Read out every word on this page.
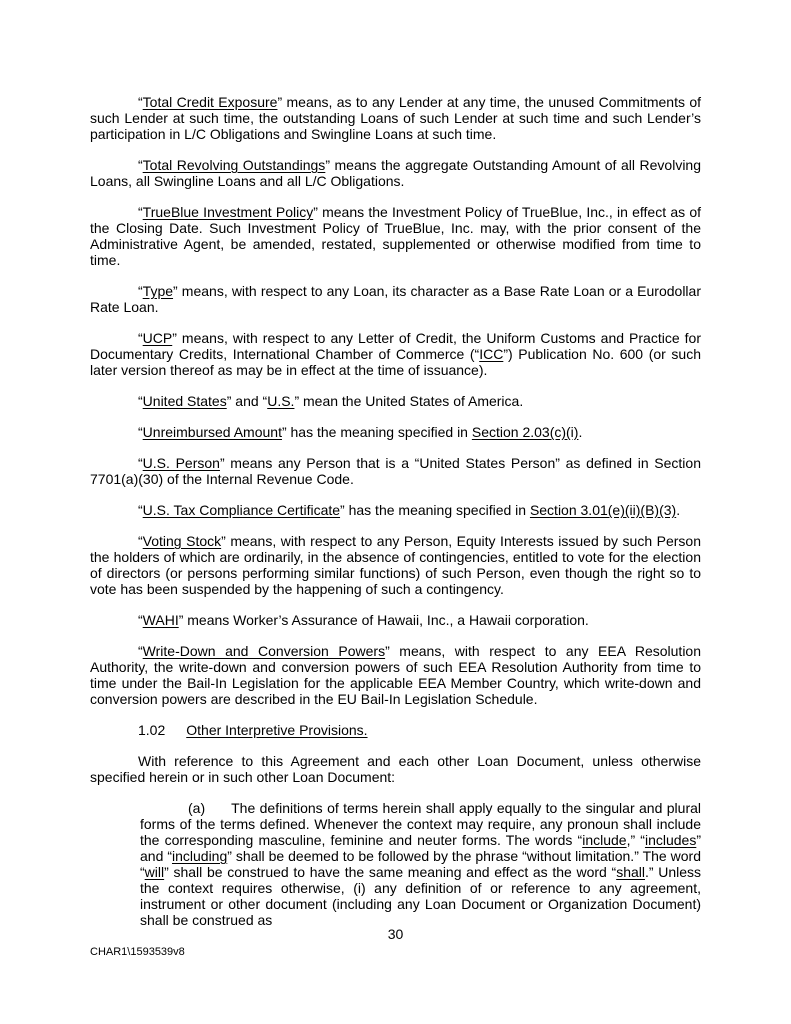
“Total Credit Exposure” means, as to any Lender at any time, the unused Commitments of such Lender at such time, the outstanding Loans of such Lender at such time and such Lender’s participation in L/C Obligations and Swingline Loans at such time.

“Total Revolving Outstandings” means the aggregate Outstanding Amount of all Revolving Loans, all Swingline Loans and all L/C Obligations.

“TrueBlue Investment Policy” means the Investment Policy of TrueBlue, Inc., in effect as of the Closing Date. Such Investment Policy of TrueBlue, Inc. may, with the prior consent of the Administrative Agent, be amended, restated, supplemented or otherwise modified from time to time.

“Type” means, with respect to any Loan, its character as a Base Rate Loan or a Eurodollar Rate Loan.

“UCP” means, with respect to any Letter of Credit, the Uniform Customs and Practice for Documentary Credits, International Chamber of Commerce (“ICC”) Publication No. 600 (or such later version thereof as may be in effect at the time of issuance).

“United States” and “U.S.” mean the United States of America.

“Unreimbursed Amount” has the meaning specified in Section 2.03(c)(i).

“U.S. Person” means any Person that is a “United States Person” as defined in Section 7701(a)(30) of the Internal Revenue Code.

“U.S. Tax Compliance Certificate” has the meaning specified in Section 3.01(e)(ii)(B)(3).

“Voting Stock” means, with respect to any Person, Equity Interests issued by such Person the holders of which are ordinarily, in the absence of contingencies, entitled to vote for the election of directors (or persons performing similar functions) of such Person, even though the right so to vote has been suspended by the happening of such a contingency.

“WAHI” means Worker’s Assurance of Hawaii, Inc., a Hawaii corporation.

“Write-Down and Conversion Powers” means, with respect to any EEA Resolution Authority, the write-down and conversion powers of such EEA Resolution Authority from time to time under the Bail-In Legislation for the applicable EEA Member Country, which write-down and conversion powers are described in the EU Bail-In Legislation Schedule.

1.02 Other Interpretive Provisions.

With reference to this Agreement and each other Loan Document, unless otherwise specified herein or in such other Loan Document:

(a) The definitions of terms herein shall apply equally to the singular and plural forms of the terms defined. Whenever the context may require, any pronoun shall include the corresponding masculine, feminine and neuter forms. The words “include,” “includes” and “including” shall be deemed to be followed by the phrase “without limitation.” The word “will” shall be construed to have the same meaning and effect as the word “shall.” Unless the context requires otherwise, (i) any definition of or reference to any agreement, instrument or other document (including any Loan Document or Organization Document) shall be construed as

30
CHAR1\1593539v8
